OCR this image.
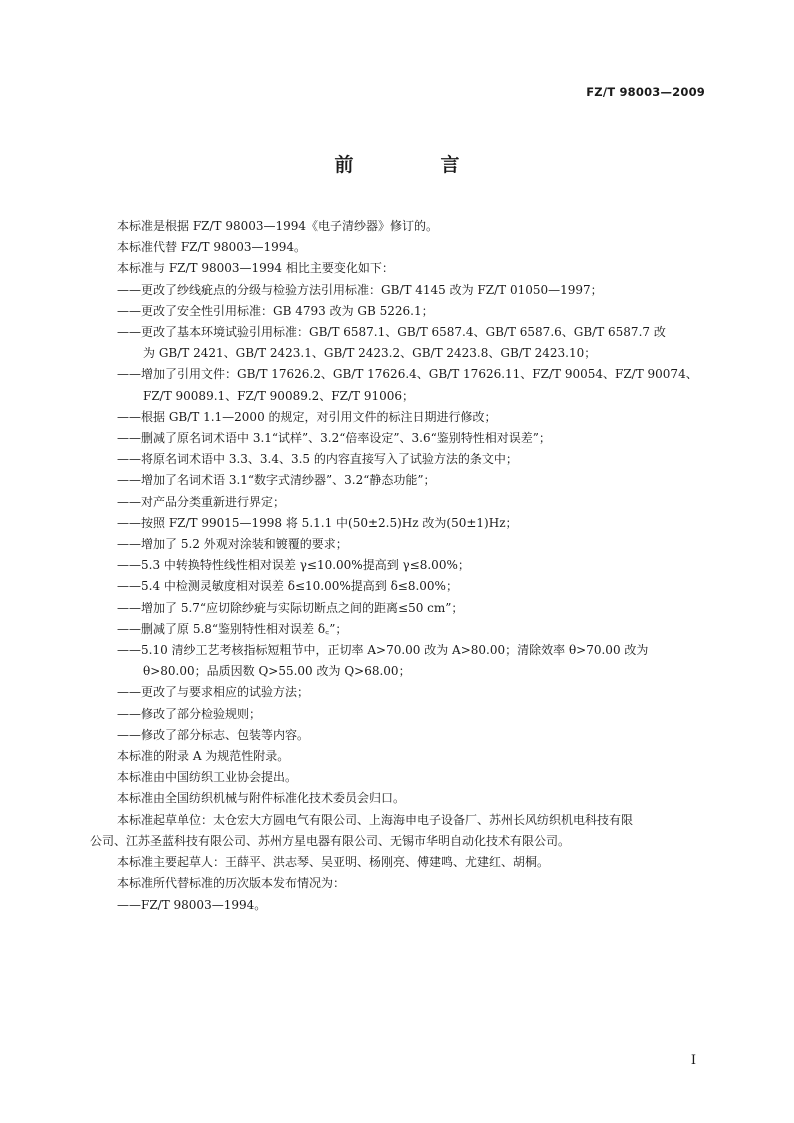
FZ/T 98003—2009
前　言
本标准是根据 FZ/T 98003—1994《电子清纱器》修订的。
本标准代替 FZ/T 98003—1994。
本标准与 FZ/T 98003—1994 相比主要变化如下：
——更改了纱线疵点的分级与检验方法引用标准：GB/T 4145 改为 FZ/T 01050—1997；
——更改了安全性引用标准：GB 4793 改为 GB 5226.1；
——更改了基本环境试验引用标准：GB/T 6587.1、GB/T 6587.4、GB/T 6587.6、GB/T 6587.7 改
为 GB/T 2421、GB/T 2423.1、GB/T 2423.2、GB/T 2423.8、GB/T 2423.10；
——增加了引用文件：GB/T 17626.2、GB/T 17626.4、GB/T 17626.11、FZ/T 90054、FZ/T 90074、
FZ/T 90089.1、FZ/T 90089.2、FZ/T 91006；
——根据 GB/T 1.1—2000 的规定，对引用文件的标注日期进行修改；
——删减了原名词术语中 3.1“试样”、3.2“倍率设定”、3.6“鉴别特性相对误差”；
——将原名词术语中 3.3、3.4、3.5 的内容直接写入了试验方法的条文中；
——增加了名词术语 3.1“数字式清纱器”、3.2“静态功能”；
——对产品分类重新进行界定；
——按照 FZ/T 99015—1998 将 5.1.1 中(50±2.5)Hz 改为(50±1)Hz；
——增加了 5.2 外观对涂装和镀覆的要求；
——5.3 中转换特性线性相对误差 γ≤10.00%提高到 γ≤8.00%；
——5.4 中检测灵敏度相对误差 δ≤10.00%提高到 δ≤8.00%；
——增加了 5.7“应切除纱疵与实际切断点之间的距离≤50 cm”；
——删减了原 5.8“鉴别特性相对误差 δ꜀”；
——5.10 清纱工艺考核指标短粗节中，正切率 A>70.00 改为 A>80.00；清除效率 θ>70.00 改为
θ>80.00；品质因数 Q>55.00 改为 Q>68.00；
——更改了与要求相应的试验方法；
——修改了部分检验规则；
——修改了部分标志、包装等内容。
本标准的附录 A 为规范性附录。
本标准由中国纺织工业协会提出。
本标准由全国纺织机械与附件标准化技术委员会归口。
本标准起草单位：太仓宏大方圆电气有限公司、上海海申电子设备厂、苏州长风纺织机电科技有限
公司、江苏圣蓝科技有限公司、苏州方星电器有限公司、无锡市华明自动化技术有限公司。
本标准主要起草人：王薛平、洪志琴、吴亚明、杨刚亮、傅建鸣、尤建红、胡桐。
本标准所代替标准的历次版本发布情况为：
——FZ/T 98003—1994。
I
